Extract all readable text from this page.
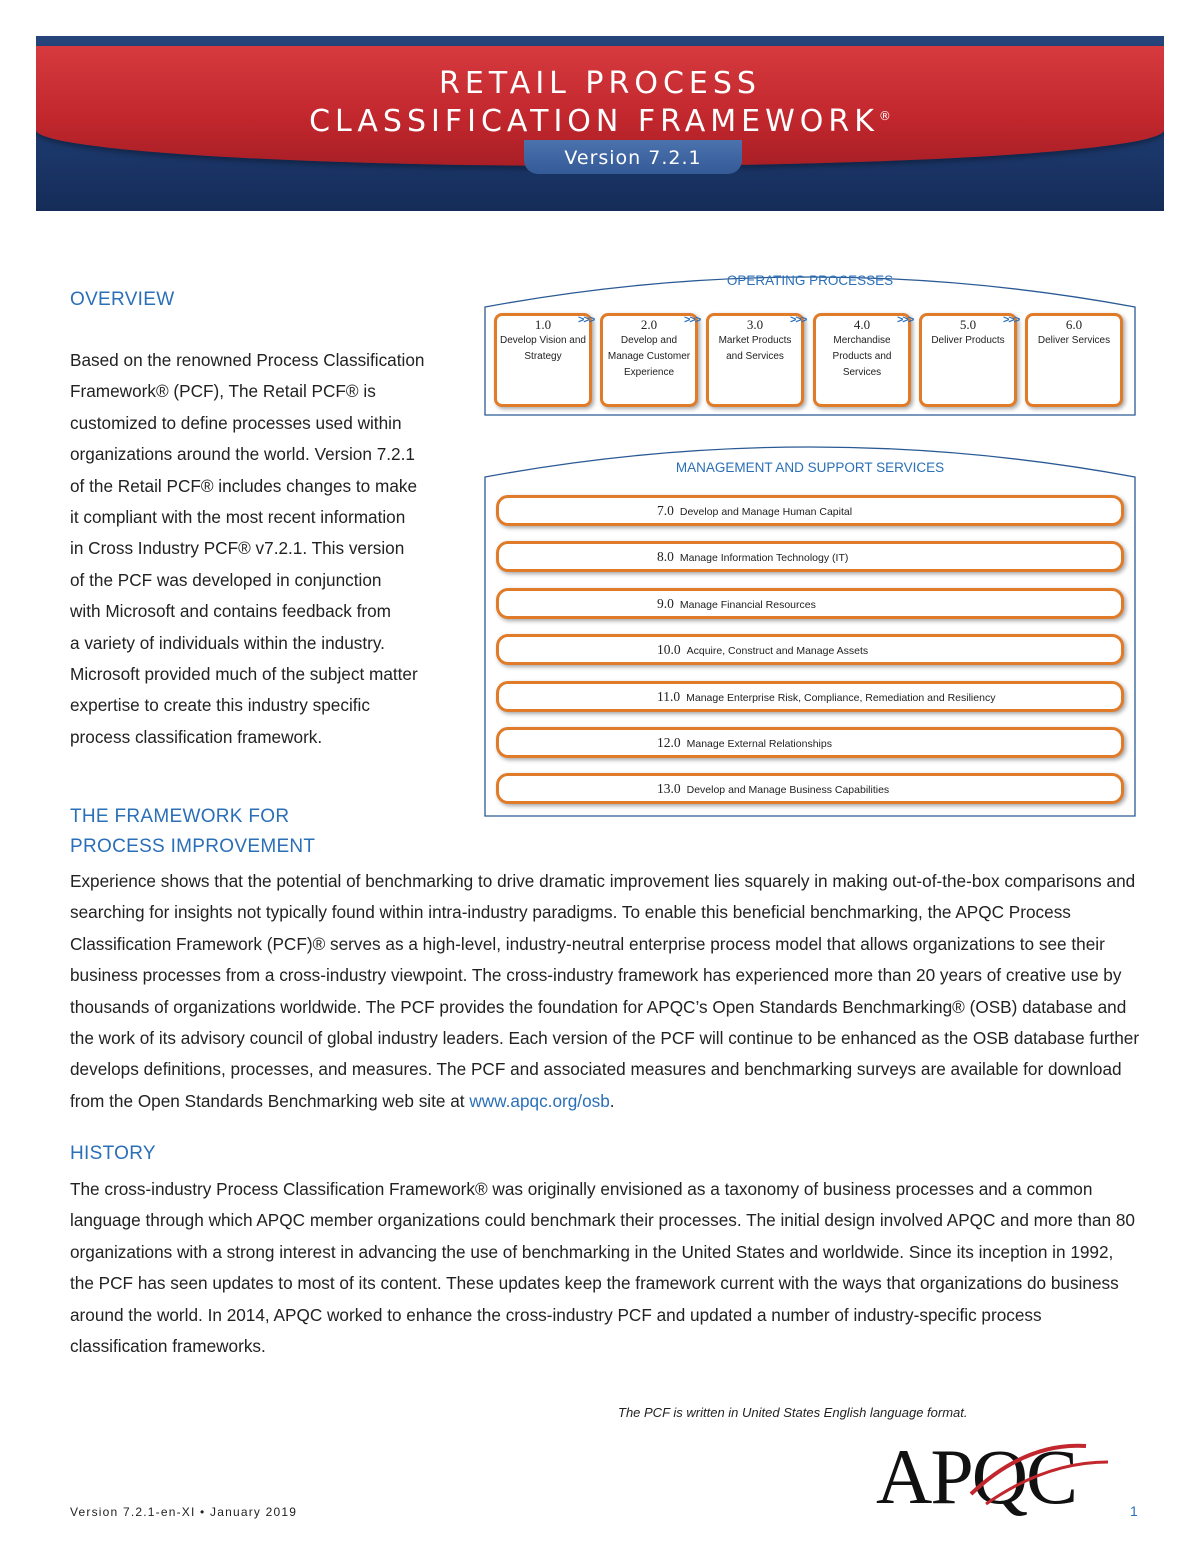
RETAIL PROCESS
CLASSIFICATION FRAMEWORK®
Version 7.2.1
OVERVIEW
Based on the renowned Process Classification
Framework® (PCF), The Retail PCF® is
customized to define processes used within
organizations around the world. Version 7.2.1
of the Retail PCF® includes changes to make
it compliant with the most recent information
in Cross Industry PCF® v7.2.1. This version
of the PCF was developed in conjunction
with Microsoft and contains feedback from
a variety of individuals within the industry.
Microsoft provided much of the subject matter
expertise to create this industry specific
process classification framework.
OPERATING PROCESSES
MANAGEMENT AND SUPPORT SERVICES
1.0
Develop Vision and Strategy
>>>	2.0
Develop and Manage Customer Experience
>>>	3.0
Market Products and Services
>>>	4.0
Merchandise Products and Services
>>>	5.0
Deliver Products
>>>	6.0
Deliver Services
7.0 Develop and Manage Human Capital
8.0 Manage Information Technology (IT)
9.0 Manage Financial Resources
10.0 Acquire, Construct and Manage Assets
11.0 Manage Enterprise Risk, Compliance, Remediation and Resiliency
12.0 Manage External Relationships
13.0 Develop and Manage Business Capabilities
THE FRAMEWORK FOR
PROCESS IMPROVEMENT
Experience shows that the potential of benchmarking to drive dramatic improvement lies squarely in making out-of-the-box comparisons and searching for insights not typically found within intra-industry paradigms. To enable this beneficial benchmarking, the APQC Process Classification Framework (PCF)® serves as a high-level, industry-neutral enterprise process model that allows organizations to see their business processes from a cross-industry viewpoint. The cross-industry framework has experienced more than 20 years of creative use by thousands of organizations worldwide. The PCF provides the foundation for APQC’s Open Standards Benchmarking® (OSB) database and the work of its advisory council of global industry leaders. Each version of the PCF will continue to be enhanced as the OSB database further develops definitions, processes, and measures. The PCF and associated measures and benchmarking surveys are available for download from the Open Standards Benchmarking web site at www.apqc.org/osb.
HISTORY
The cross-industry Process Classification Framework® was originally envisioned as a taxonomy of business processes and a common language through which APQC member organizations could benchmark their processes. The initial design involved APQC and more than 80 organizations with a strong interest in advancing the use of benchmarking in the United States and worldwide. Since its inception in 1992, the PCF has seen updates to most of its content. These updates keep the framework current with the ways that organizations do business around the world. In 2014, APQC worked to enhance the cross-industry PCF and updated a number of industry-specific process classification frameworks.
The PCF is written in United States English language format.
APQC
Version 7.2.1-en-XI • January 2019	1
